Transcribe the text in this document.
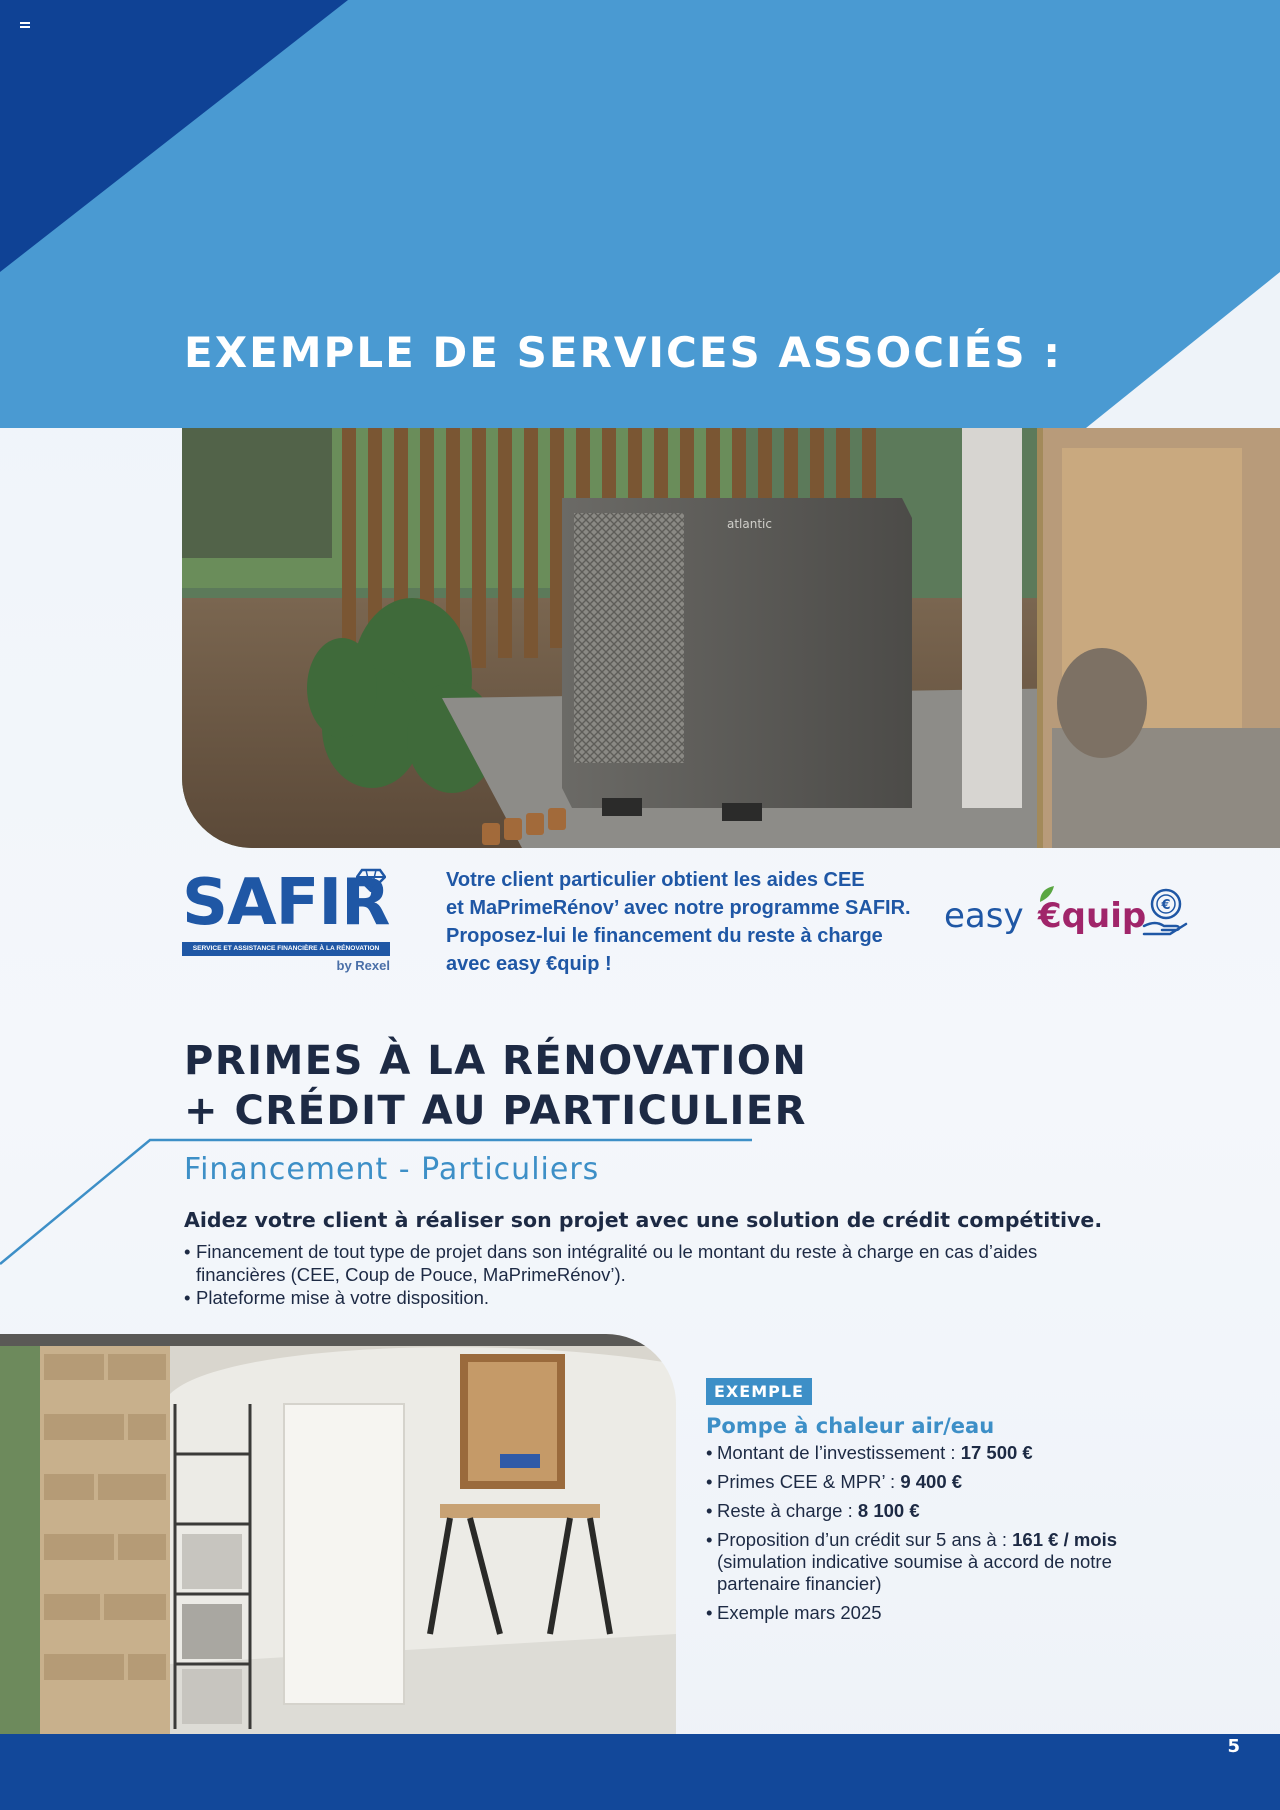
EXEMPLE DE SERVICES ASSOCIÉS :
atlantic
SAFIR
SERVICE ET ASSISTANCE FINANCIÈRE À LA RÉNOVATION
by Rexel

Votre client particulier obtient les aides CEE

et MaPrimeRénov’ avec notre programme SAFIR.

Proposez-lui le financement du reste à charge

avec easy €quip !

easy €quip €
PRIMES À LA RÉNOVATION
+ CRÉDIT AU PARTICULIER
Financement - Particuliers
Aidez votre client à réaliser son projet avec une solution de crédit compétitive.
• Financement de tout type de projet dans son intégralité ou le montant du reste à charge en cas d’aides financières (CEE, Coup de Pouce, MaPrimeRénov’).
• Plateforme mise à votre disposition.
EXEMPLE
Pompe à chaleur air/eau
• Montant de l’investissement : 17 500 €
• Primes CEE & MPR’ : 9 400 €
• Reste à charge : 8 100 €
• Proposition d’un crédit sur 5 ans à : 161 € / mois
(simulation indicative soumise à accord de notre partenaire financier)
• Exemple mars 2025
5
